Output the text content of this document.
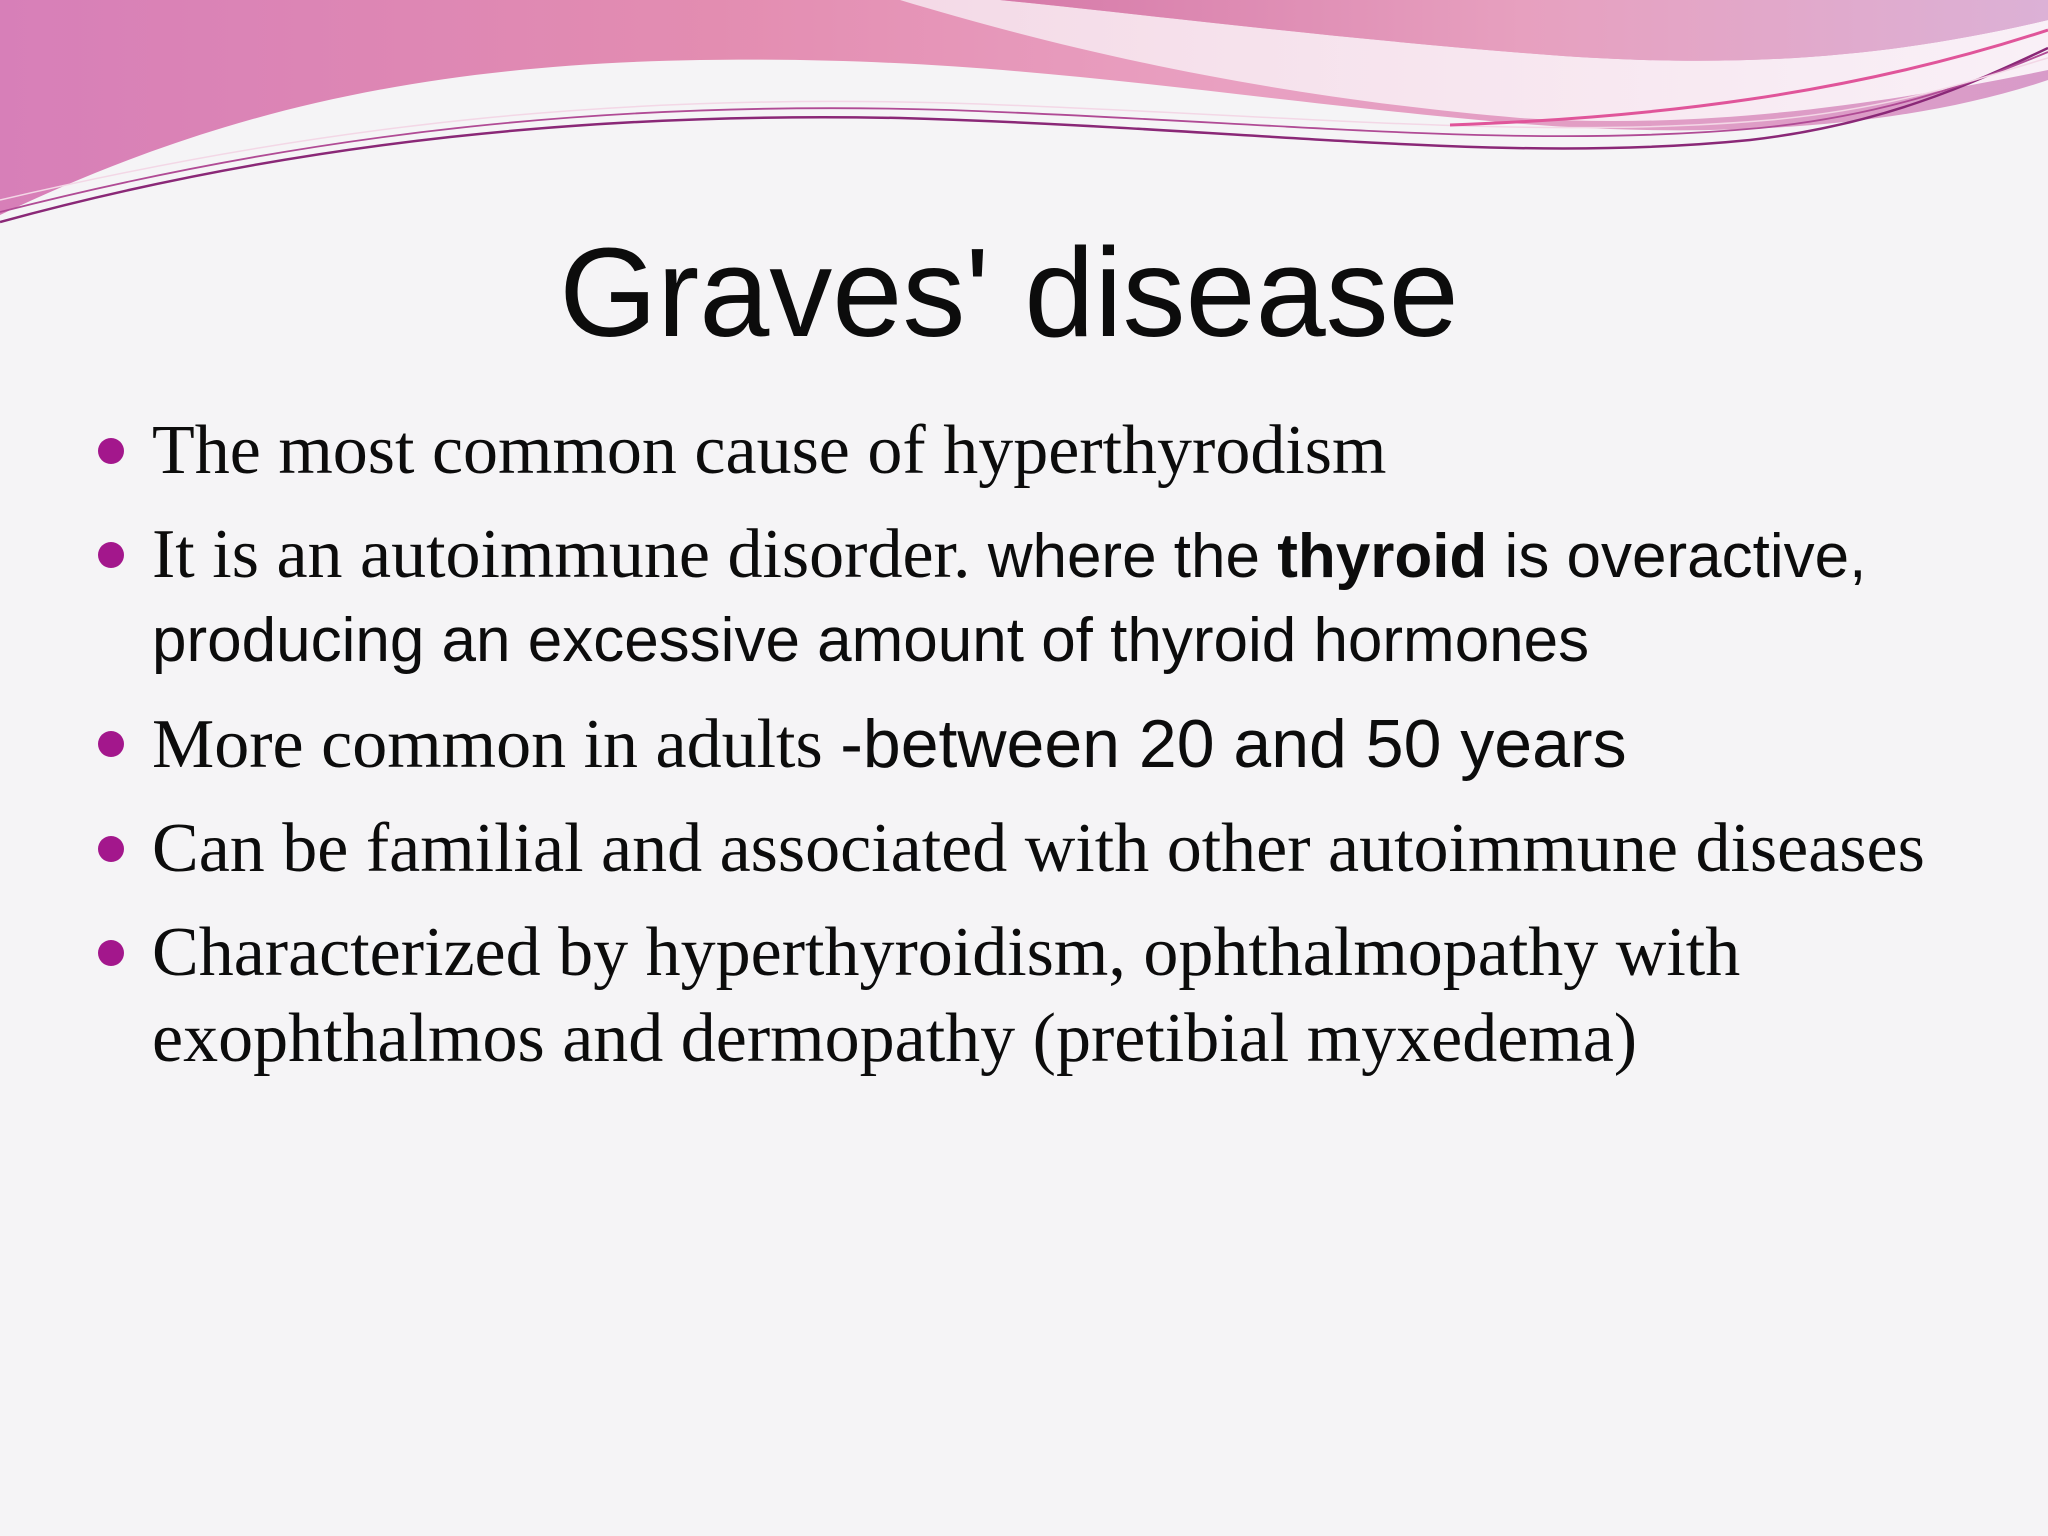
Graves' disease
The most common cause of hyperthyrodism
It is an autoimmune disorder. where the thyroid is overactive, producing an excessive amount of thyroid hormones
More common in adults -between 20 and 50 years
Can be familial and associated with other autoimmune diseases
Characterized by hyperthyroidism, ophthalmopathy with exophthalmos and dermopathy (pretibial myxedema)
